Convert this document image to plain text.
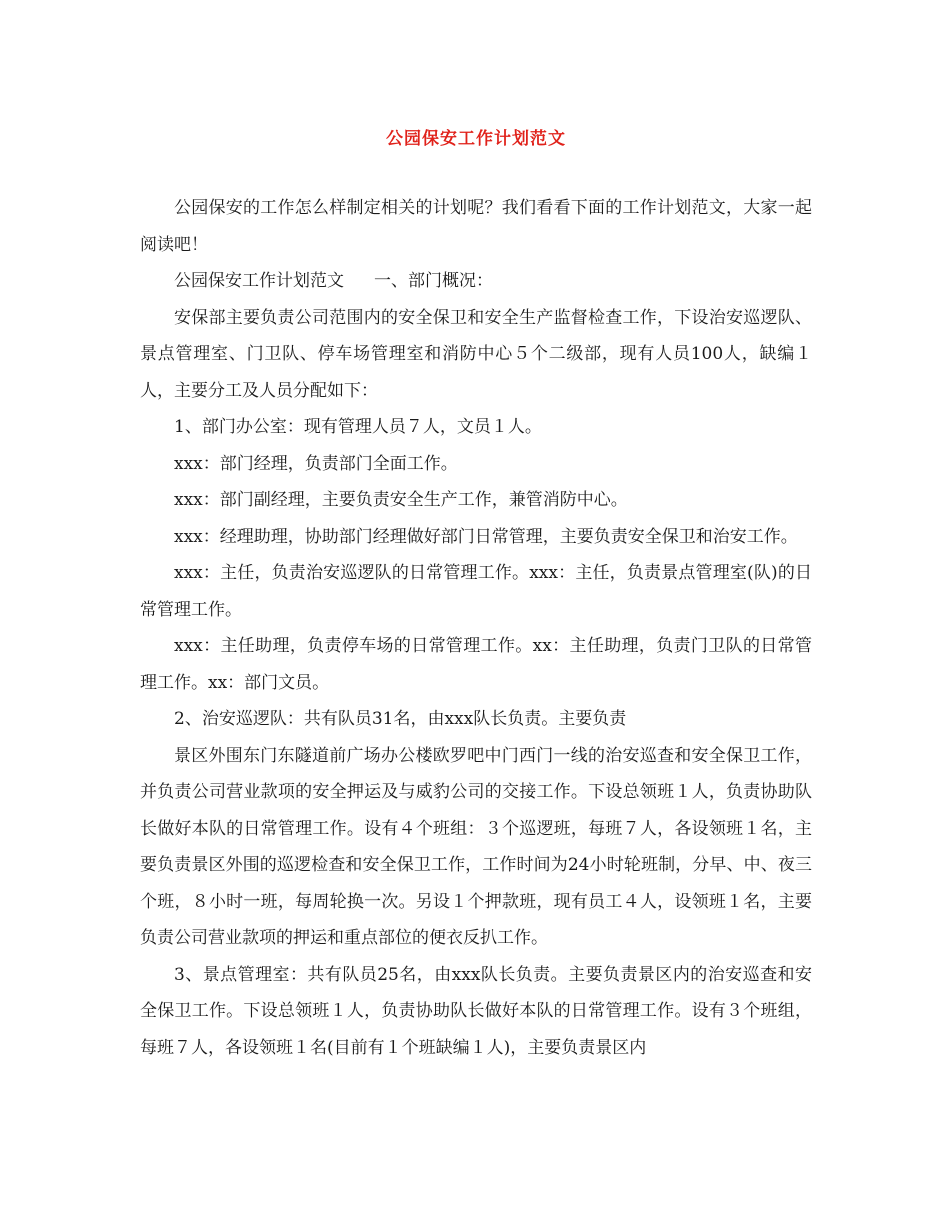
公园保安工作计划范文

公园保安的工作怎么样制定相关的计划呢？我们看看下面的工作计划范文，大家一起阅读吧！

公园保安工作计划范文 一、部门概况：

安保部主要负责公司范围内的安全保卫和安全生产监督检查工作，下设治安巡逻队、景点管理室、门卫队、停车场管理室和消防中心５个二级部，现有人员100人，缺编１人，主要分工及人员分配如下：

1、部门办公室：现有管理人员７人，文员１人。

xxx：部门经理，负责部门全面工作。

xxx：部门副经理，主要负责安全生产工作，兼管消防中心。

xxx：经理助理，协助部门经理做好部门日常管理，主要负责安全保卫和治安工作。

xxx：主任，负责治安巡逻队的日常管理工作。xxx：主任，负责景点管理室(队)的日常管理工作。

xxx：主任助理，负责停车场的日常管理工作。xx：主任助理，负责门卫队的日常管理工作。xx：部门文员。

2、治安巡逻队：共有队员31名，由xxx队长负责。主要负责

景区外围东门东隧道前广场办公楼欧罗吧中门西门一线的治安巡查和安全保卫工作，并负责公司营业款项的安全押运及与威豹公司的交接工作。下设总领班１人，负责协助队长做好本队的日常管理工作。设有４个班组：３个巡逻班，每班７人，各设领班１名，主要负责景区外围的巡逻检查和安全保卫工作，工作时间为24小时轮班制，分早、中、夜三个班，８小时一班，每周轮换一次。另设１个押款班，现有员工４人，设领班１名，主要负责公司营业款项的押运和重点部位的便衣反扒工作。

3、景点管理室：共有队员25名，由xxx队长负责。主要负责景区内的治安巡查和安全保卫工作。下设总领班１人，负责协助队长做好本队的日常管理工作。设有３个班组，每班７人，各设领班１名(目前有１个班缺编１人)，主要负责景区内
